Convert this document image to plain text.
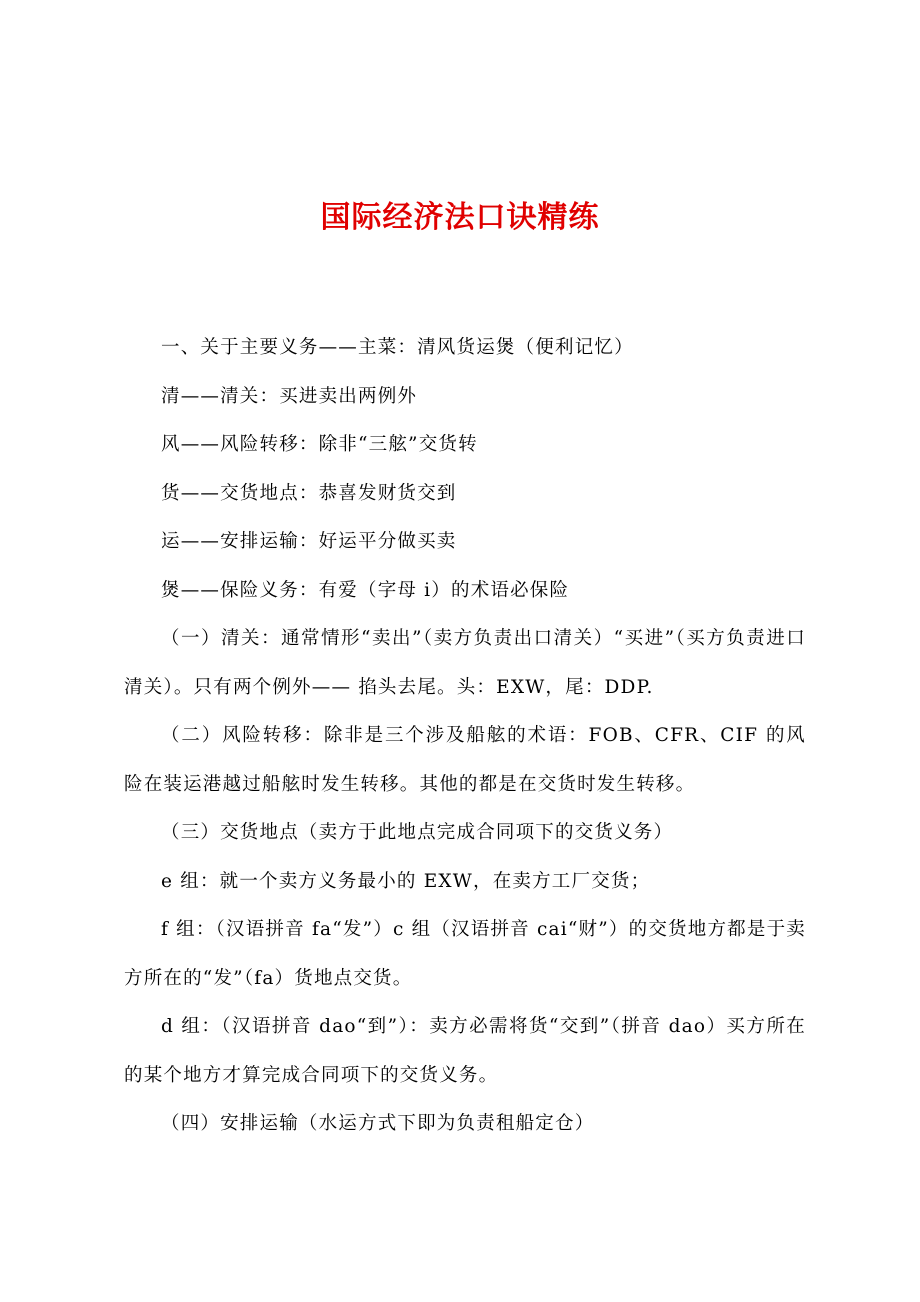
国际经济法口诀精练

一、关于主要义务——主菜：清风货运煲（便利记忆）

清——清关：买进卖出两例外

风——风险转移：除非“三舷”交货转

货——交货地点：恭喜发财货交到

运——安排运输：好运平分做买卖

煲——保险义务：有爱（字母 i）的术语必保险

（一）清关：通常情形“卖出”（卖方负责出口清关）“买进”（买方负责进口清关）。只有两个例外—— 掐头去尾。头：EXW，尾：DDP.

（二）风险转移：除非是三个涉及船舷的术语：FOB、CFR、CIF 的风险在装运港越过船舷时发生转移。其他的都是在交货时发生转移。

（三）交货地点（卖方于此地点完成合同项下的交货义务）

e 组：就一个卖方义务最小的 EXW，在卖方工厂交货；

f 组：（汉语拼音 fa“发”）c 组（汉语拼音 cai“财”）的交货地方都是于卖方所在的“发”（fa）货地点交货。

d 组：（汉语拼音 dao“到”）：卖方必需将货“交到”（拼音 dao）买方所在的某个地方才算完成合同项下的交货义务。

（四）安排运输（水运方式下即为负责租船定仓）
